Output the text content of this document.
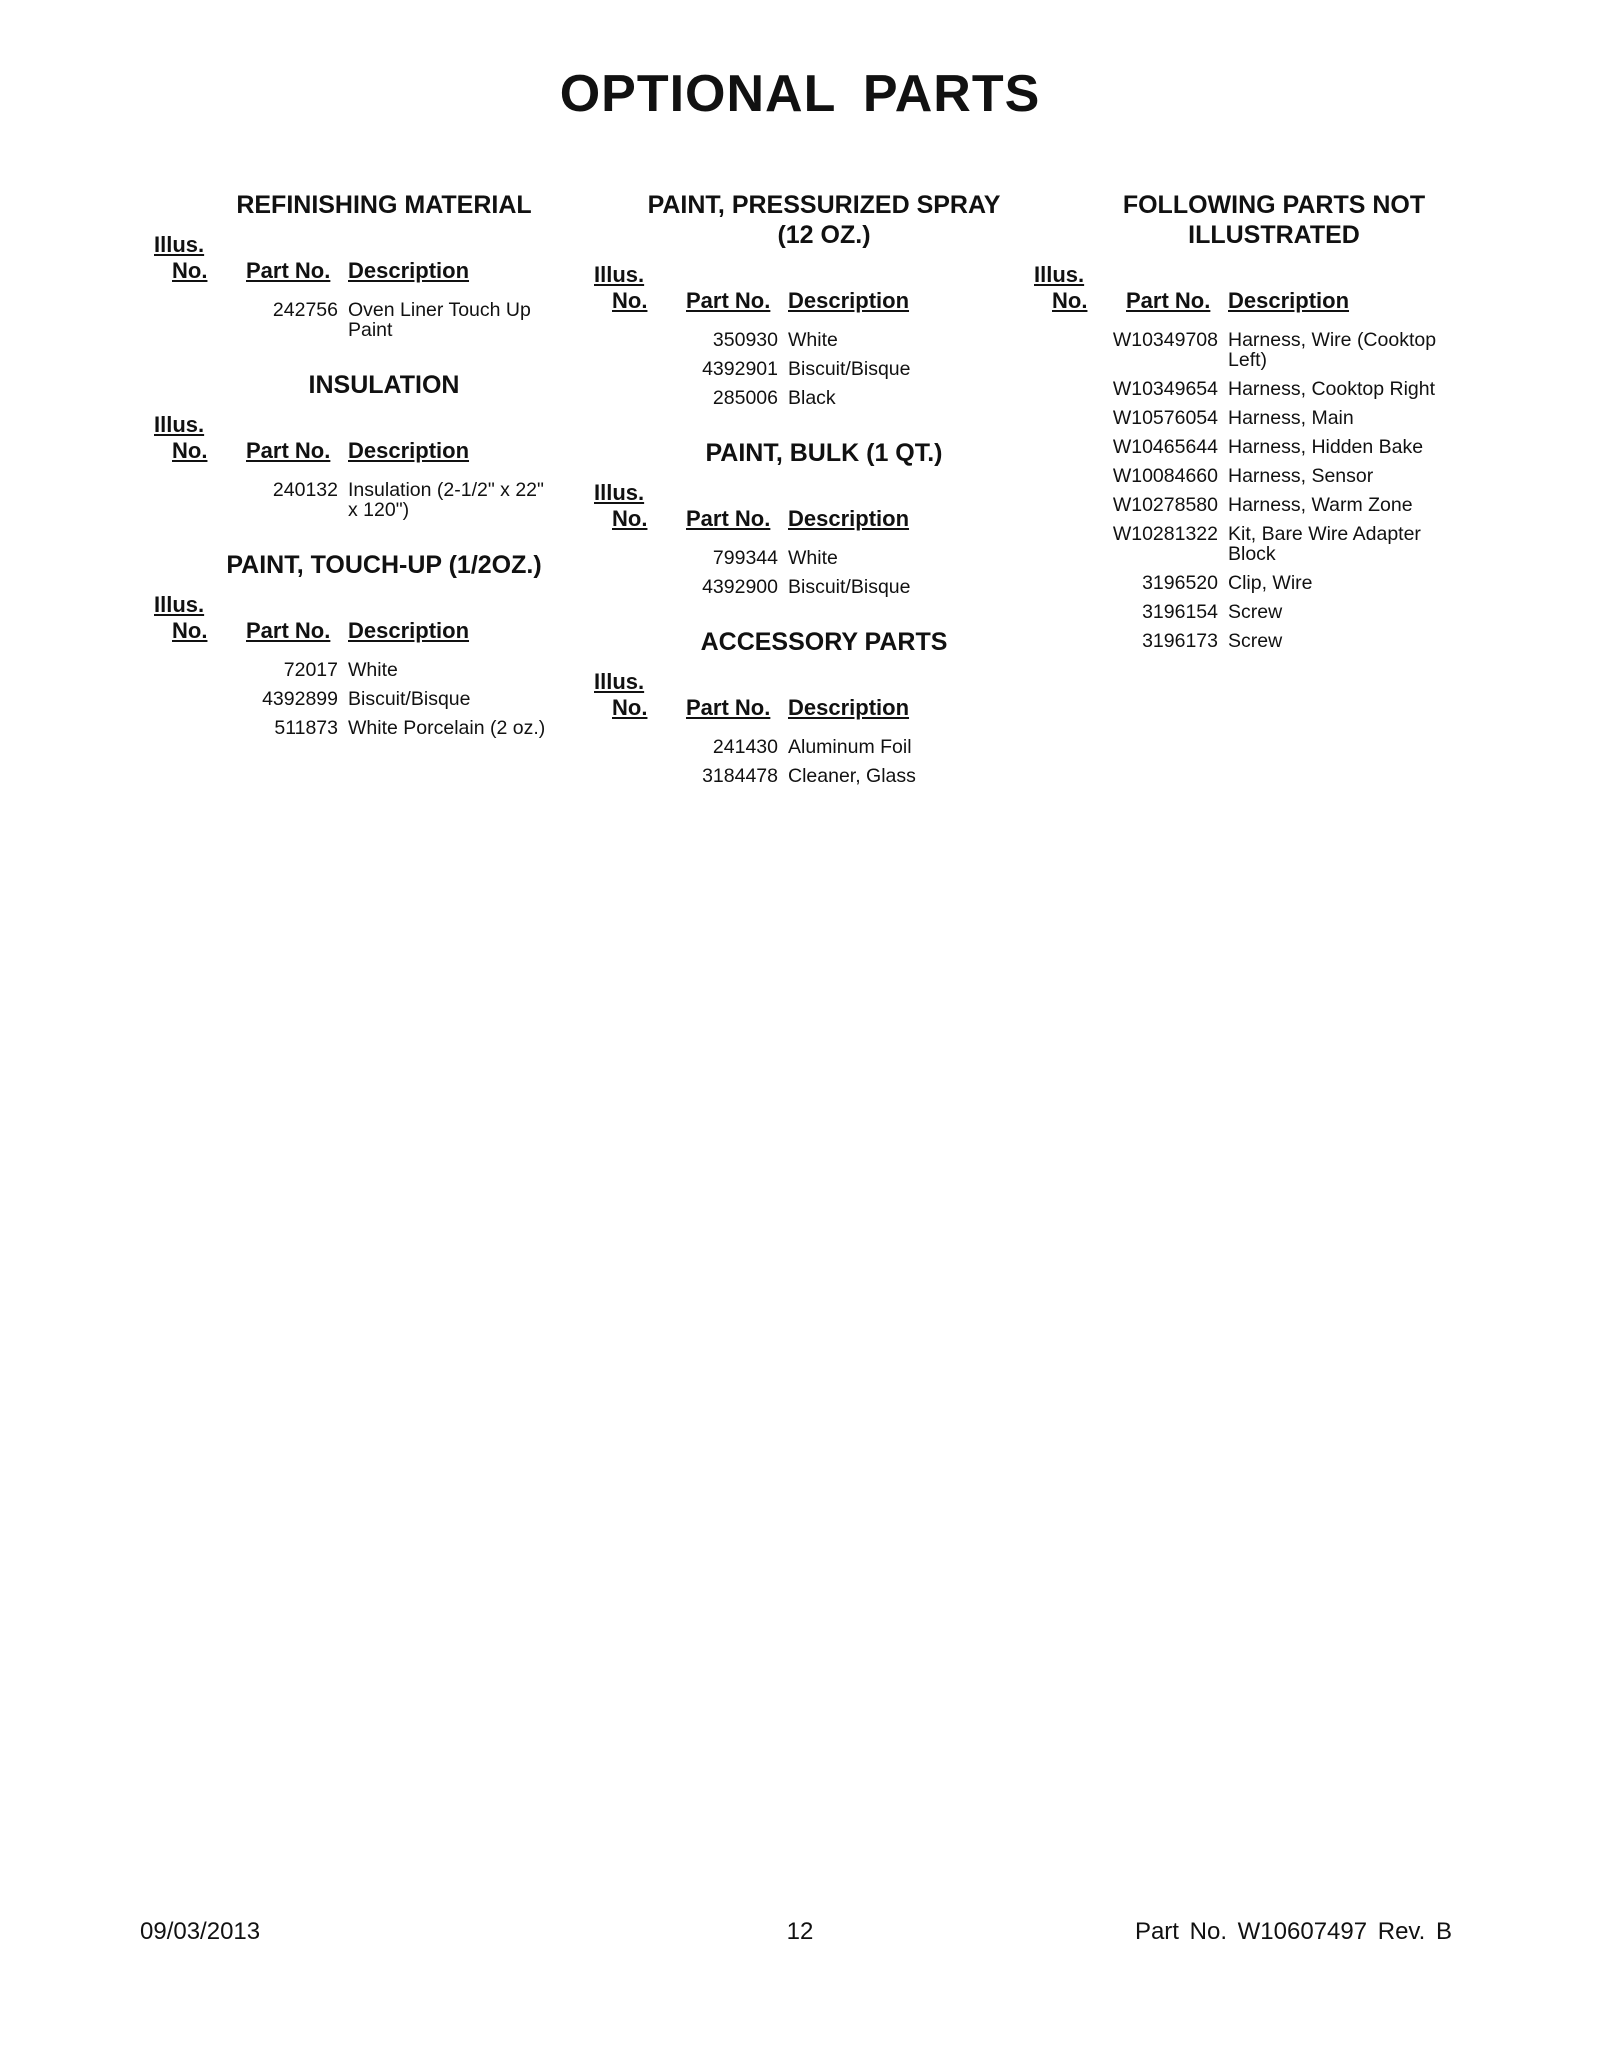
OPTIONAL PARTS
REFINISHING MATERIAL
Illus.
No. Part No. Description
242756 Oven Liner Touch Up Paint
INSULATION
Illus.
No. Part No. Description
240132 Insulation (2-1/2" x 22" x 120")
PAINT, TOUCH-UP (1/2OZ.)
Illus.
No. Part No. Description
72017 White
4392899 Biscuit/Bisque
511873 White Porcelain (2 oz.)
PAINT, PRESSURIZED SPRAY (12 OZ.)
Illus.
No. Part No. Description
350930 White
4392901 Biscuit/Bisque
285006 Black
PAINT, BULK (1 QT.)
Illus.
No. Part No. Description
799344 White
4392900 Biscuit/Bisque
ACCESSORY PARTS
Illus.
No. Part No. Description
241430 Aluminum Foil
3184478 Cleaner, Glass
FOLLOWING PARTS NOT ILLUSTRATED
Illus.
No. Part No. Description
W10349708 Harness, Wire (Cooktop Left)
W10349654 Harness, Cooktop Right
W10576054 Harness, Main
W10465644 Harness, Hidden Bake
W10084660 Harness, Sensor
W10278580 Harness, Warm Zone
W10281322 Kit, Bare Wire Adapter Block
3196520 Clip, Wire
3196154 Screw
3196173 Screw
09/03/2013	12	Part No. W10607497 Rev. B
